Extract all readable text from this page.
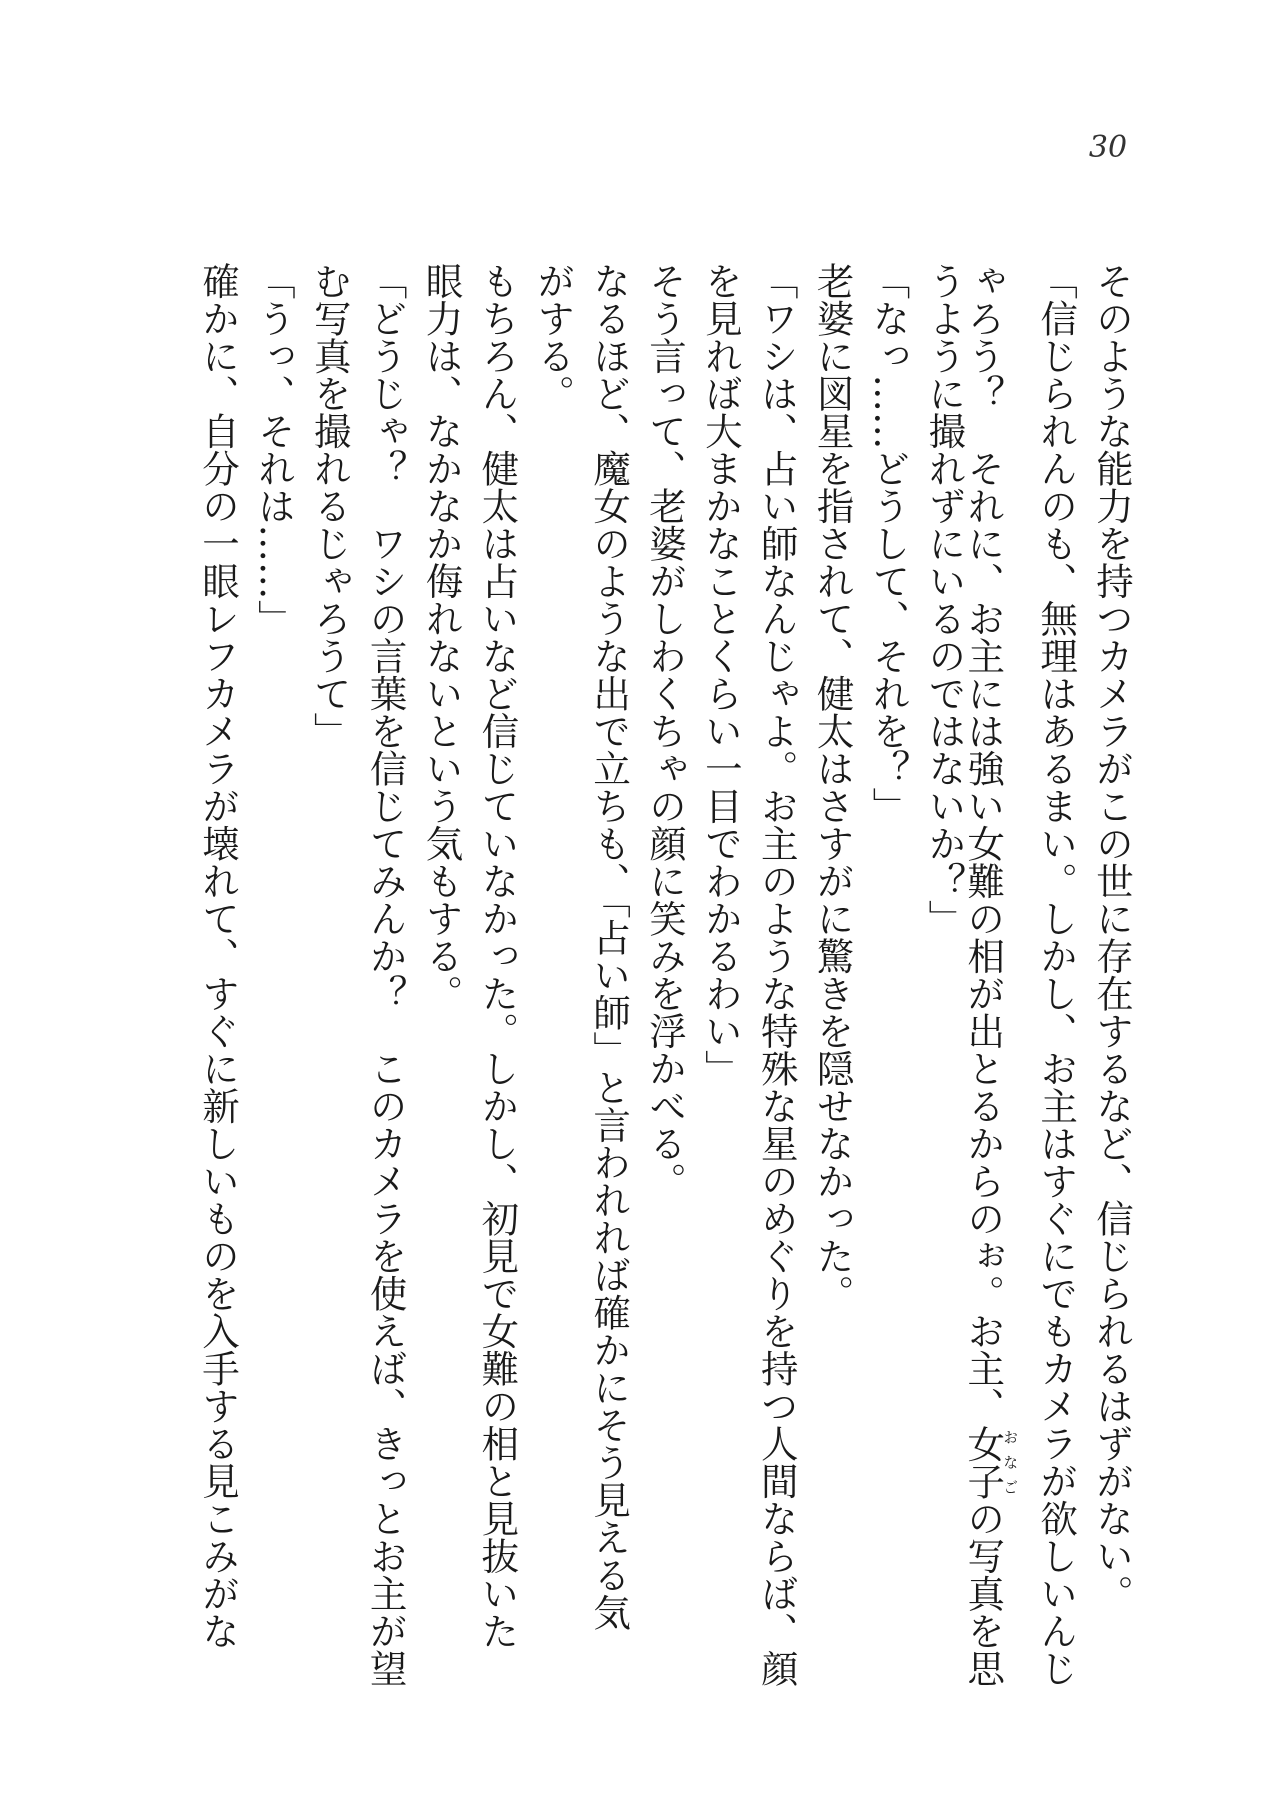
30
そのような能力を持つカメラがこの世に存在するなど、信じられるはずがない。
「信じられんのも、無理はあるまい。しかし、お主はすぐにでもカメラが欲しいんじ
ゃろう？　それに、お主には強い女難の相が出とるからのぉ。お主、女子おなごの写真を思
うように撮れずにいるのではないか？」
「なっ……どうして、それを？」
老婆に図星を指されて、健太はさすがに驚きを隠せなかった。
「ワシは、占い師なんじゃよ。お主のような特殊な星のめぐりを持つ人間ならば、顔
を見れば大まかなことくらい一目でわかるわい」
そう言って、老婆がしわくちゃの顔に笑みを浮かべる。
なるほど、魔女のような出で立ちも、「占い師」と言われれば確かにそう見える気
がする。
もちろん、健太は占いなど信じていなかった。しかし、初見で女難の相と見抜いた
眼力は、なかなか侮れないという気もする。
「どうじゃ？　ワシの言葉を信じてみんか？　このカメラを使えば、きっとお主が望
む写真を撮れるじゃろうて」
「うっ、それは……」
確かに、自分の一眼レフカメラが壊れて、すぐに新しいものを入手する見こみがな
